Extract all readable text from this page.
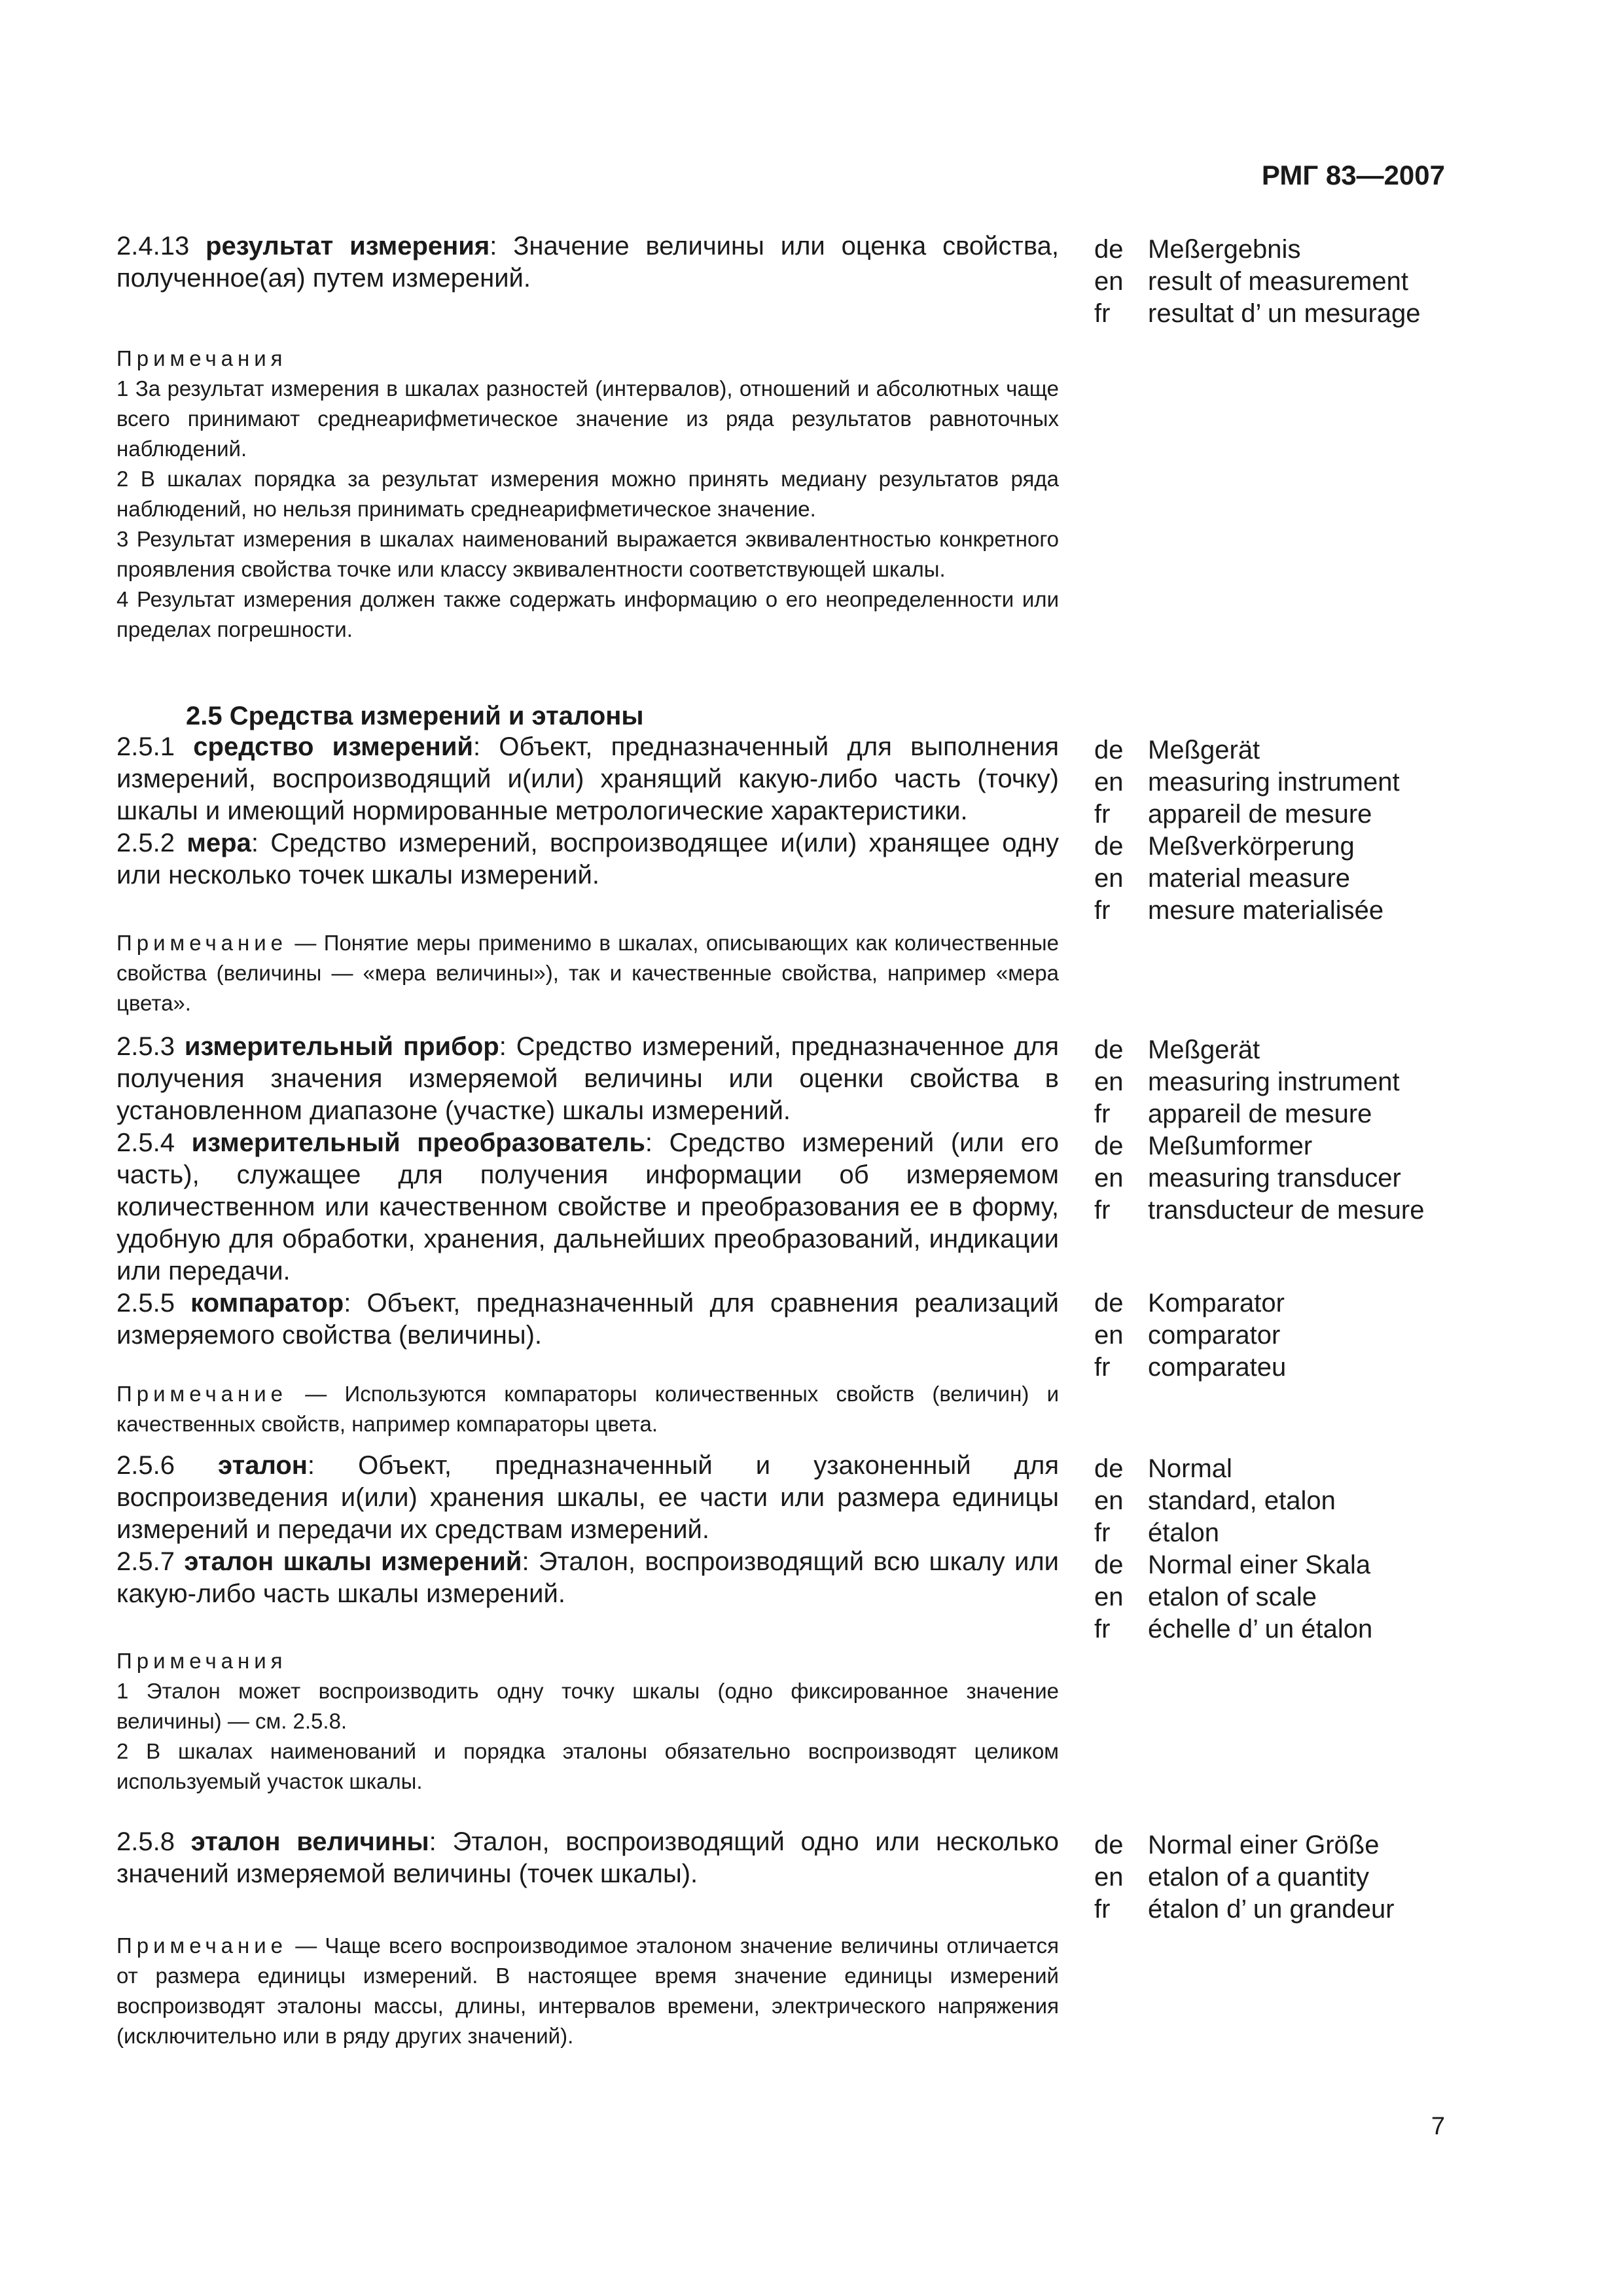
РМГ 83—2007

2.4.13 результат измерения: Значение величины или оценка свойства, полученное(ая) путем измерений.

de Meßergebnis
en result of measurement
fr resultat d’ un mesurage

Примечания

1 За результат измерения в шкалах разностей (интервалов), отношений и абсолютных чаще всего принимают среднеарифметическое значение из ряда результатов равноточных наблюдений.

2 В шкалах порядка за результат измерения можно принять медиану результатов ряда наблюдений, но нельзя принимать среднеарифметическое значение.

3 Результат измерения в шкалах наименований выражается эквивалентностью конкретного проявления свойства точке или классу эквивалентности соответствующей шкалы.

4 Результат измерения должен также содержать информацию о его неопределенности или пределах погрешности.

2.5 Средства измерений и эталоны

2.5.1 средство измерений: Объект, предназначенный для выполнения измерений, воспроизводящий и(или) хранящий какую-либо часть (точку) шкалы и имеющий нормированные метрологические характеристики.

2.5.2 мера: Средство измерений, воспроизводящее и(или) хранящее одну или несколько точек шкалы измерений.

de Meßgerät
en measuring instrument
fr appareil de mesure
de Meßverkörperung
en material measure
fr mesure materialisée

Примечание — Понятие меры применимо в шкалах, описывающих как количественные свойства (величины — «мера величины»), так и качественные свойства, например «мера цвета».

2.5.3 измерительный прибор: Средство измерений, предназначенное для получения значения измеряемой величины или оценки свойства в установленном диапазоне (участке) шкалы измерений.

2.5.4 измерительный преобразователь: Средство измерений (или его часть), служащее для получения информации об измеряемом количественном или качественном свойстве и преобразования ее в форму, удобную для обработки, хранения, дальнейших преобразований, индикации или передачи.

2.5.5 компаратор: Объект, предназначенный для сравнения реализаций измеряемого свойства (величины).

de Meßgerät
en measuring instrument
fr appareil de mesure
de Meßumformer
en measuring transducer
fr transducteur de mesure
de Komparator
en comparator
fr comparateu

Примечание — Используются компараторы количественных свойств (величин) и качественных свойств, например компараторы цвета.

2.5.6 эталон: Объект, предназначенный и узаконенный для воспроизведения и(или) хранения шкалы, ее части или размера единицы измерений и передачи их средствам измерений.

2.5.7 эталон шкалы измерений: Эталон, воспроизводящий всю шкалу или какую-либо часть шкалы измерений.

de Normal
en standard, etalon
fr étalon
de Normal einer Skala
en etalon of scale
fr échelle d’ un étalon

Примечания

1 Эталон может воспроизводить одну точку шкалы (одно фиксированное значение величины) — см. 2.5.8.

2 В шкалах наименований и порядка эталоны обязательно воспроизводят целиком используемый участок шкалы.

2.5.8 эталон величины: Эталон, воспроизводящий одно или несколько значений измеряемой величины (точек шкалы).

de Normal einer Größe
en etalon of a quantity
fr étalon d’ un grandeur

Примечание — Чаще всего воспроизводимое эталоном значение величины отличается от размера единицы измерений. В настоящее время значение единицы измерений воспроизводят эталоны массы, длины, интервалов времени, электрического напряжения (исключительно или в ряду других значений).

7
